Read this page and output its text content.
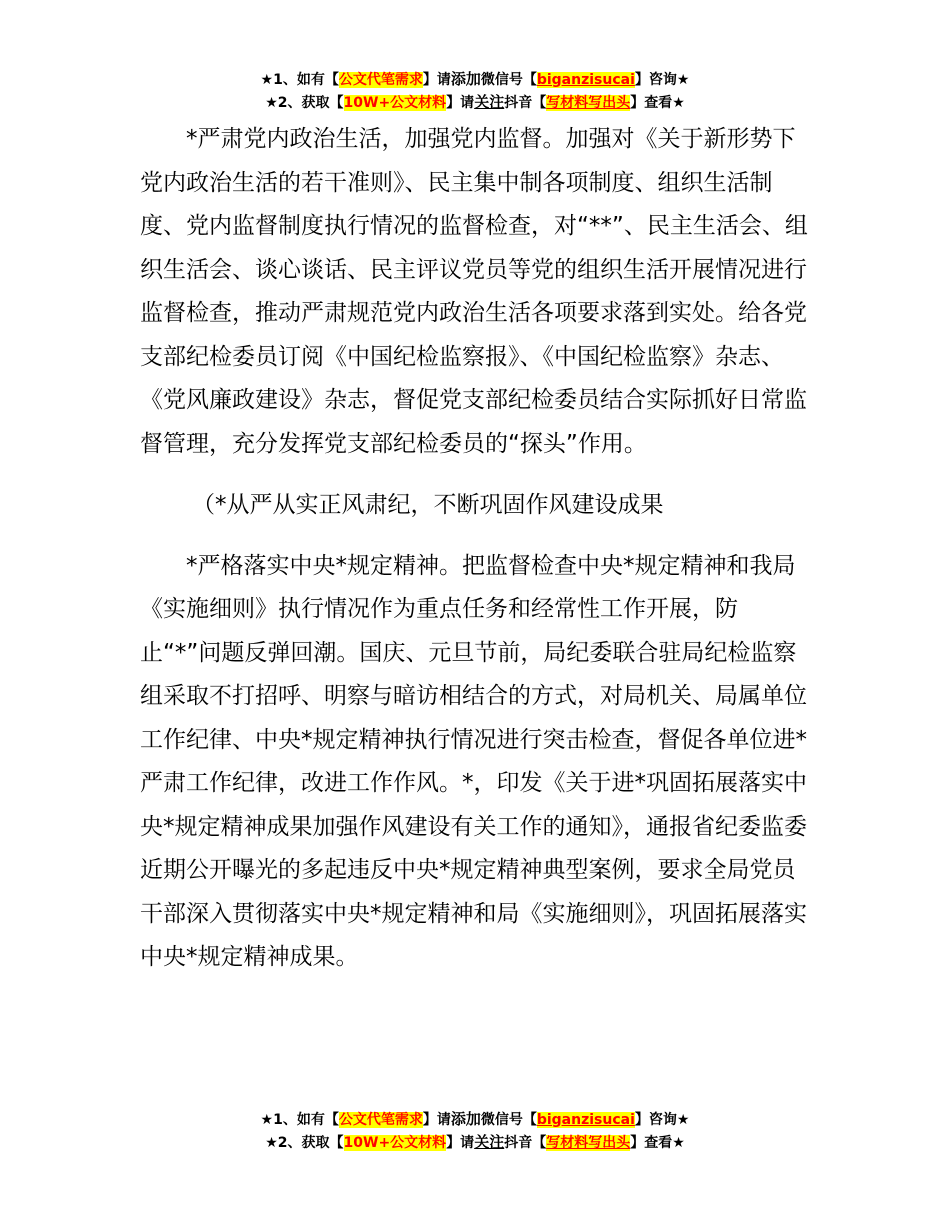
★1、如有【公文代笔需求】请添加微信号【biganzisucai】咨询★
★2、获取【10W+公文材料】请关注抖音【写材料写出头】查看★

*严肃党内政治生活，加强党内监督。加强对《关于新形势下党内政治生活的若干准则》、民主集中制各项制度、组织生活制度、党内监督制度执行情况的监督检查，对“**”、民主生活会、组织生活会、谈心谈话、民主评议党员等党的组织生活开展情况进行监督检查，推动严肃规范党内政治生活各项要求落到实处。给各党支部纪检委员订阅《中国纪检监察报》、《中国纪检监察》杂志、《党风廉政建设》杂志，督促党支部纪检委员结合实际抓好日常监督管理，充分发挥党支部纪检委员的“探头”作用。

（*从严从实正风肃纪，不断巩固作风建设成果

*严格落实中央*规定精神。把监督检查中央*规定精神和我局《实施细则》执行情况作为重点任务和经常性工作开展，防止“*”问题反弹回潮。国庆、元旦节前，局纪委联合驻局纪检监察组采取不打招呼、明察与暗访相结合的方式，对局机关、局属单位工作纪律、中央*规定精神执行情况进行突击检查，督促各单位进*严肃工作纪律，改进工作作风。*，印发《关于进*巩固拓展落实中央*规定精神成果加强作风建设有关工作的通知》，通报省纪委监委近期公开曝光的多起违反中央*规定精神典型案例，要求全局党员干部深入贯彻落实中央*规定精神和局《实施细则》，巩固拓展落实中央*规定精神成果。

★1、如有【公文代笔需求】请添加微信号【biganzisucai】咨询★
★2、获取【10W+公文材料】请关注抖音【写材料写出头】查看★
